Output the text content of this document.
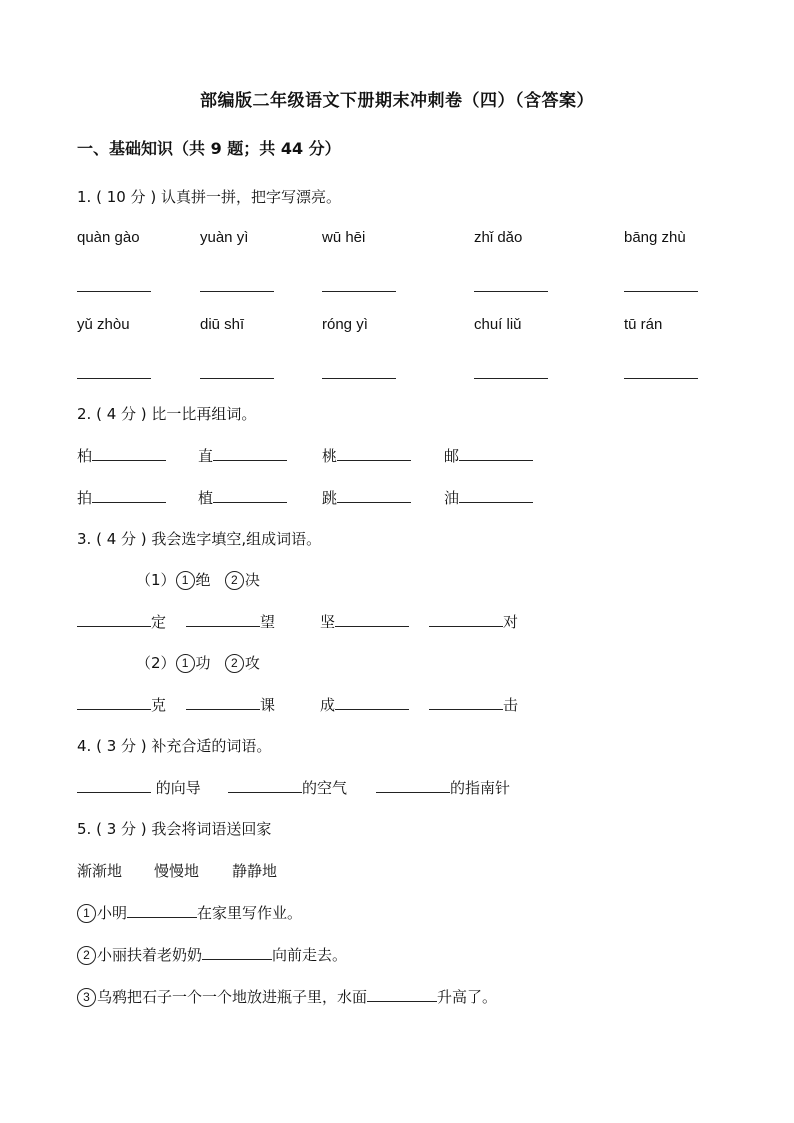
部编版二年级语文下册期末冲刺卷（四）（含答案）
一、基础知识（共 9 题；共 44 分）
1. ( 10 分 ) 认真拼一拼，把字写漂亮。
quàn gào	yuàn yì	wū hēi	zhǐ dǎo	bāng zhù
yǔ zhòu	diū shī	róng yì	chuí liǔ	tū rán
2. ( 4 分 ) 比一比再组词。
柏	直	桃	邮
拍	植	跳	油
3. ( 4 分 ) 我会选字填空,组成词语。
（1） 1 绝 2 决
定	望	坚	对
（2） 1 功 2 攻
克	课	成	击
4. ( 3 分 ) 补充合适的词语。
的向导	的空气	的指南针
5. ( 3 分 ) 我会将词语送回家
渐渐地 慢慢地 静静地
1 小明	在家里写作业。
2 小丽扶着老奶奶	向前走去。
3 乌鸦把石子一个一个地放进瓶子里，水面	升高了。
